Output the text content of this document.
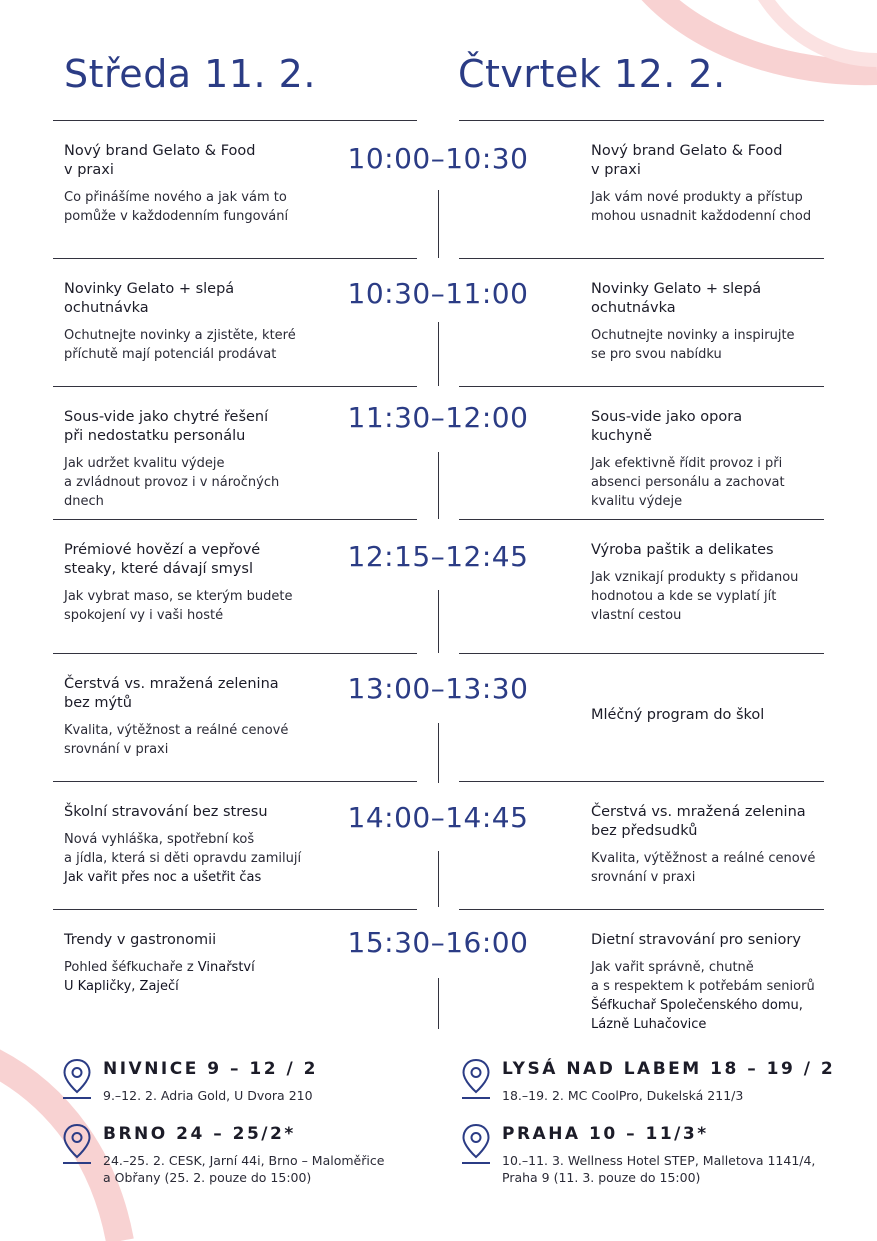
Středa 11. 2.	Čtvrtek 12. 2.
10:00–10:30
Nový brand Gelato & Food
v praxi
Co přinášíme nového a jak vám to
pomůže v každodenním fungování
Nový brand Gelato & Food
v praxi
Jak vám nové produkty a přístup
mohou usnadnit každodenní chod
10:30–11:00
Novinky Gelato + slepá
ochutnávka
Ochutnejte novinky a zjistěte, které
příchutě mají potenciál prodávat
Novinky Gelato + slepá
ochutnávka
Ochutnejte novinky a inspirujte
se pro svou nabídku
11:30–12:00
Sous-vide jako chytré řešení
při nedostatku personálu
Jak udržet kvalitu výdeje
a zvládnout provoz i v náročných
dnech
Sous-vide jako opora
kuchyně
Jak efektivně řídit provoz i při
absenci personálu a zachovat
kvalitu výdeje
12:15–12:45
Prémiové hovězí a vepřové
steaky, které dávají smysl
Jak vybrat maso, se kterým budete
spokojení vy i vaši hosté
Výroba paštik a delikates
Jak vznikají produkty s přidanou
hodnotou a kde se vyplatí jít
vlastní cestou
13:00–13:30
Čerstvá vs. mražená zelenina
bez mýtů
Kvalita, výtěžnost a reálné cenové
srovnání v praxi
Mléčný program do škol
14:00–14:45
Školní stravování bez stresu
Nová vyhláška, spotřební koš
a jídla, která si děti opravdu zamilují
Jak vařit přes noc a ušetřit čas
Čerstvá vs. mražená zelenina
bez předsudků
Kvalita, výtěžnost a reálné cenové
srovnání v praxi
15:30–16:00
Trendy v gastronomii
Pohled šéfkuchaře z Vinařství
U Kapličky, Zaječí
Dietní stravování pro seniory
Jak vařit správně, chutně
a s respektem k potřebám seniorů
Šéfkuchař Společenského domu,
Lázně Luhačovice
NIVNICE 9 – 12 / 2
9.–12. 2. Adria Gold, U Dvora 210
LYSÁ NAD LABEM 18 – 19 / 2
18.–19. 2. MC CoolPro, Dukelská 211/3
BRNO 24 – 25/2*
24.–25. 2. CESK, Jarní 44i, Brno – Maloměřice
a Obřany (25. 2. pouze do 15:00)
PRAHA 10 – 11/3*
10.–11. 3. Wellness Hotel STEP, Malletova 1141/4,
Praha 9 (11. 3. pouze do 15:00)
